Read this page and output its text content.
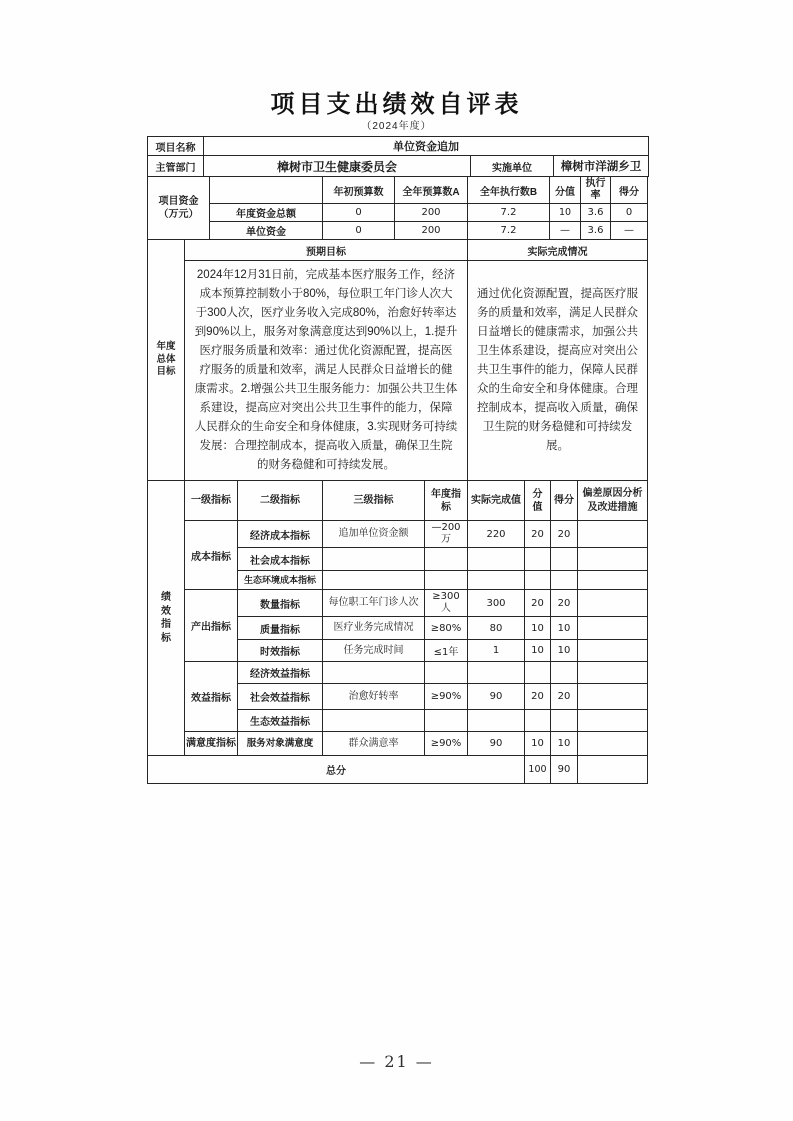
项目支出绩效自评表
（2024年度）
项目名称	单位资金追加
主管部门	樟树市卫生健康委员会	实施单位	樟树市洋湖乡卫
项目资金（万元）		年初预算数	全年预算数A	全年执行数B	分值	执行率	得分
	年度资金总额	0	200	7.2	10	3.6	0
	单位资金	0	200	7.2	—	3.6	—
年度总体目标	预期目标	实际完成情况

	2024年12月31日前，完成基本医疗服务工作，经济成本预算控制数小于80%，每位职工年门诊人次大于300人次，医疗业务收入完成80%，治愈好转率达到90%以上，服务对象满意度达到90%以上，1.提升医疗服务质量和效率：通过优化资源配置，提高医疗服务的质量和效率，满足人民群众日益增长的健康需求。2.增强公共卫生服务能力：加强公共卫生体系建设，提高应对突出公共卫生事件的能力，保障人民群众的生命安全和身体健康，3.实现财务可持续发展：合理控制成本，提高收入质量，确保卫生院的财务稳健和可持续发展。	通过优化资源配置，提高医疗服务的质量和效率，满足人民群众日益增长的健康需求，加强公共卫生体系建设，提高应对突出公共卫生事件的能力，保障人民群众的生命安全和身体健康。合理控制成本，提高收入质量，确保卫生院的财务稳健和可持续发展。
绩效指标	一级指标	二级指标	三级指标	年度指标	实际完成值	分值	得分	偏差原因分析及改进措施
	成本指标	经济成本指标	追加单位资金额	—200万	220	20	20	
		社会成本指标						
		生态环境成本指标						
	产出指标	数量指标	每位职工年门诊人次	≥300人	300	20	20	
		质量指标	医疗业务完成情况	≥80%	80	10	10	
		时效指标	任务完成时间	≤1年	1	10	10	
	效益指标	经济效益指标						
		社会效益指标	治愈好转率	≥90%	90	20	20	
		生态效益指标						
	满意度指标	服务对象满意度	群众满意率	≥90%	90	10	10	
总分						100	90	
— 21 —
